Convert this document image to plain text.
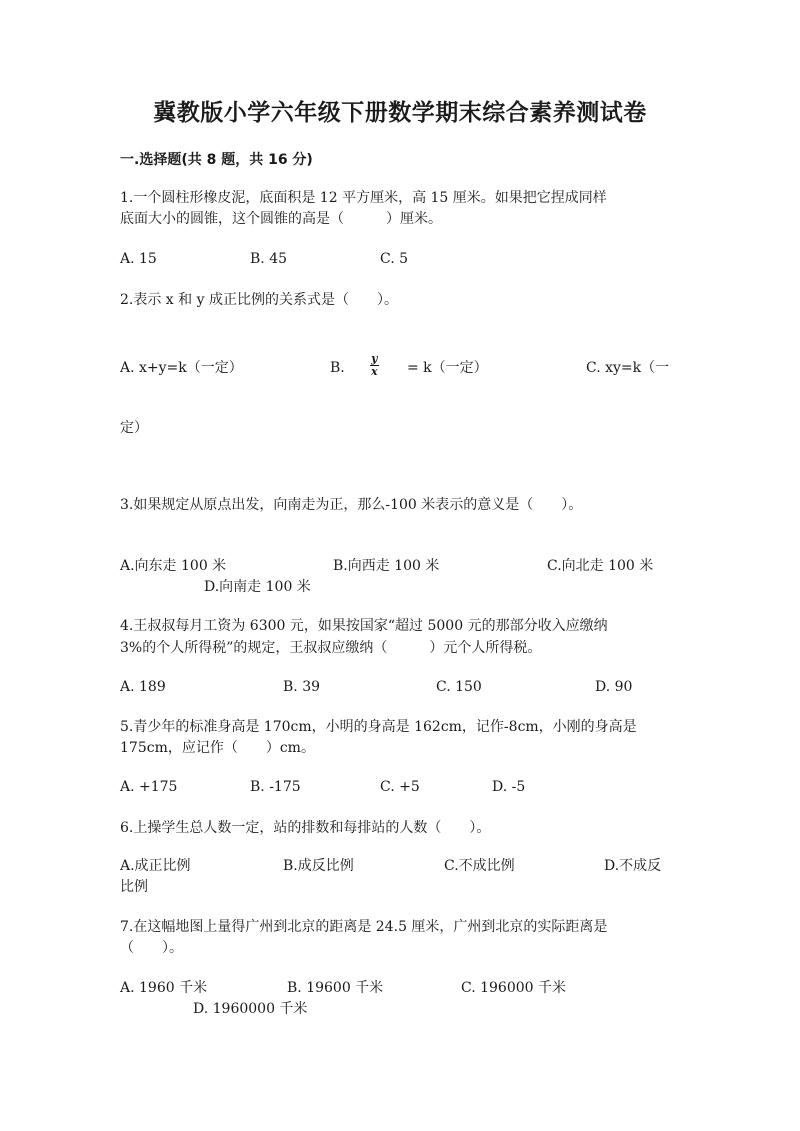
冀教版小学六年级下册数学期末综合素养测试卷
一.选择题(共 8 题，共 16 分)
1.一个圆柱形橡皮泥，底面积是 12 平方厘米，高 15 厘米。如果把它捏成同样
底面大小的圆锥，这个圆锥的高是（　　　）厘米。
A. 15	B. 45	C. 5
2.表示 x 和 y 成正比例的关系式是（　　）。
A. x+y=k（一定）	B. $\frac{y}{x} = k$（一定）	C. xy=k（一
定）
3.如果规定从原点出发，向南走为正，那么-100 米表示的意义是（　　）。
A.向东走 100 米	B.向西走 100 米	C.向北走 100 米
D.向南走 100 米
4.王叔叔每月工资为 6300 元，如果按国家“超过 5000 元的那部分收入应缴纳
3%的个人所得税”的规定，王叔叔应缴纳（　　　）元个人所得税。
A. 189	B. 39	C. 150	D. 90
5.青少年的标准身高是 170cm，小明的身高是 162cm，记作-8cm，小刚的身高是
175cm，应记作（　　）cm。
A. +175	B. -175	C. +5	D. -5
6.上操学生总人数一定，站的排数和每排站的人数（　　）。
A.成正比例	B.成反比例	C.不成比例	D.不成反
比例
7.在这幅地图上量得广州到北京的距离是 24.5 厘米，广州到北京的实际距离是
（　　）。
A. 1960 千米	B. 19600 千米	C. 196000 千米
D. 1960000 千米
